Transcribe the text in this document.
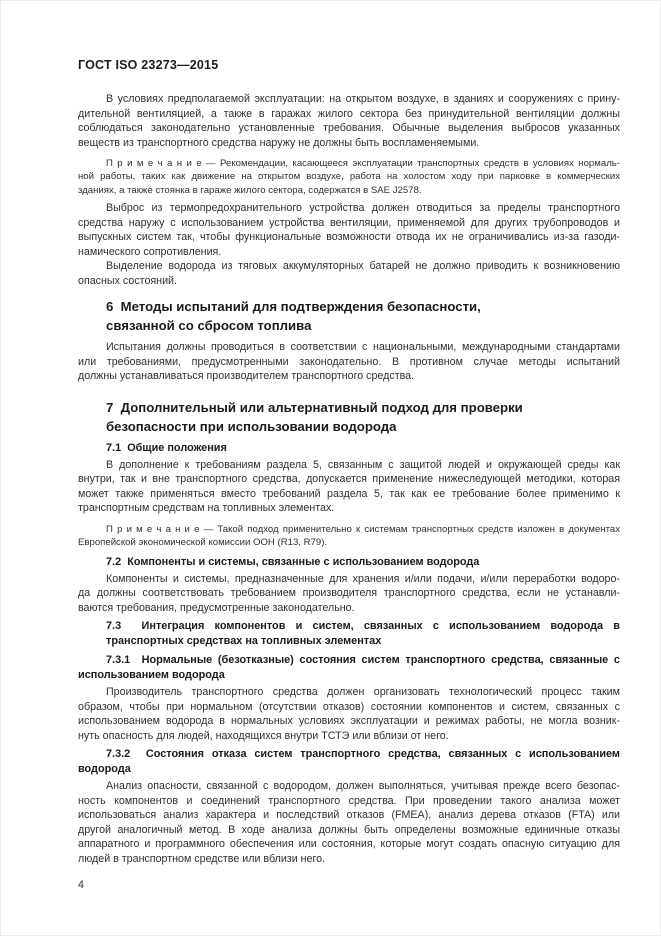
ГОСТ ISO 23273—2015
В условиях предполагаемой эксплуатации: на открытом воздухе, в зданиях и сооружениях с прину-
дительной вентиляцией, а также в гаражах жилого сектора без принудительной вентиляции должны
соблюдаться законодательно установленные требования. Обычные выделения выбросов указанных
веществ из транспортного средства наружу не должны быть воспламеняемыми.
П р и м е ч а н и е — Рекомендации, касающееся эксплуатации транспортных средств в условиях нормаль-
ной работы, таких как движение на открытом воздухе, работа на холостом ходу при парковке в коммерческих
зданиях, а также стоянка в гараже жилого сектора, содержатся в SAE J2578.
Выброс из термопредохранительного устройства должен отводиться за пределы транспортного
средства наружу с использованием устройства вентиляции, применяемой для других трубопроводов и
выпускных систем так, чтобы функциональные возможности отвода их не ограничивались из-за газоди-
намического сопротивления.
Выделение водорода из тяговых аккумуляторных батарей не должно приводить к возникновению
опасных состояний.
6  Методы испытаний для подтверждения безопасности,
связанной со сбросом топлива
Испытания должны проводиться в соответствии с национальными, международными стандартами
или требованиями, предусмотренными законодательно. В противном случае методы испытаний
должны устанавливаться производителем транспортного средства.
7  Дополнительный или альтернативный подход для проверки
безопасности при использовании водорода
7.1  Общие положения
В дополнение к требованиям раздела 5, связанным с защитой людей и окружающей среды как
внутри, так и вне транспортного средства, допускается применение нижеследующей методики, которая
может также применяться вместо требований раздела 5, так как ее требование более применимо к
транспортным средствам на топливных элементах.
П р и м е ч а н и е — Такой подход применительно к системам транспортных средств изложен в документах
Европейской экономической комиссии ООН (R13, R79).
7.2  Компоненты и системы, связанные с использованием водорода
Компоненты и системы, предназначенные для хранения и/или подачи, и/или переработки водоро-
да должны соответствовать требованием производителя транспортного средства, если не устанавли-
ваются требования, предусмотренные законодательно.
7.3  Интеграция компонентов и систем, связанных с использованием водорода в
транспортных средствах на топливных элементах
7.3.1  Нормальные (безотказные) состояния систем транспортного средства, связанные с
использованием водорода
Производитель транспортного средства должен организовать технологический процесс таким
образом, чтобы при нормальном (отсутствии отказов) состоянии компонентов и систем, связанных с
использованием водорода в нормальных условиях эксплуатации и режимах работы, не могла возник-
нуть опасность для людей, находящихся внутри ТСТЭ или вблизи от него.
7.3.2  Состояния отказа систем транспортного средства, связанных с использованием
водорода
Анализ опасности, связанной с водородом, должен выполняться, учитывая прежде всего безопас-
ность компонентов и соединений транспортного средства. При проведении такого анализа может
использоваться анализ характера и последствий отказов (FMEA), анализ дерева отказов (FTA) или
другой аналогичный метод. В ходе анализа должны быть определены возможные единичные отказы
аппаратного и программного обеспечения или состояния, которые могут создать опасную ситуацию для
людей в транспортном средстве или вблизи него.
4
